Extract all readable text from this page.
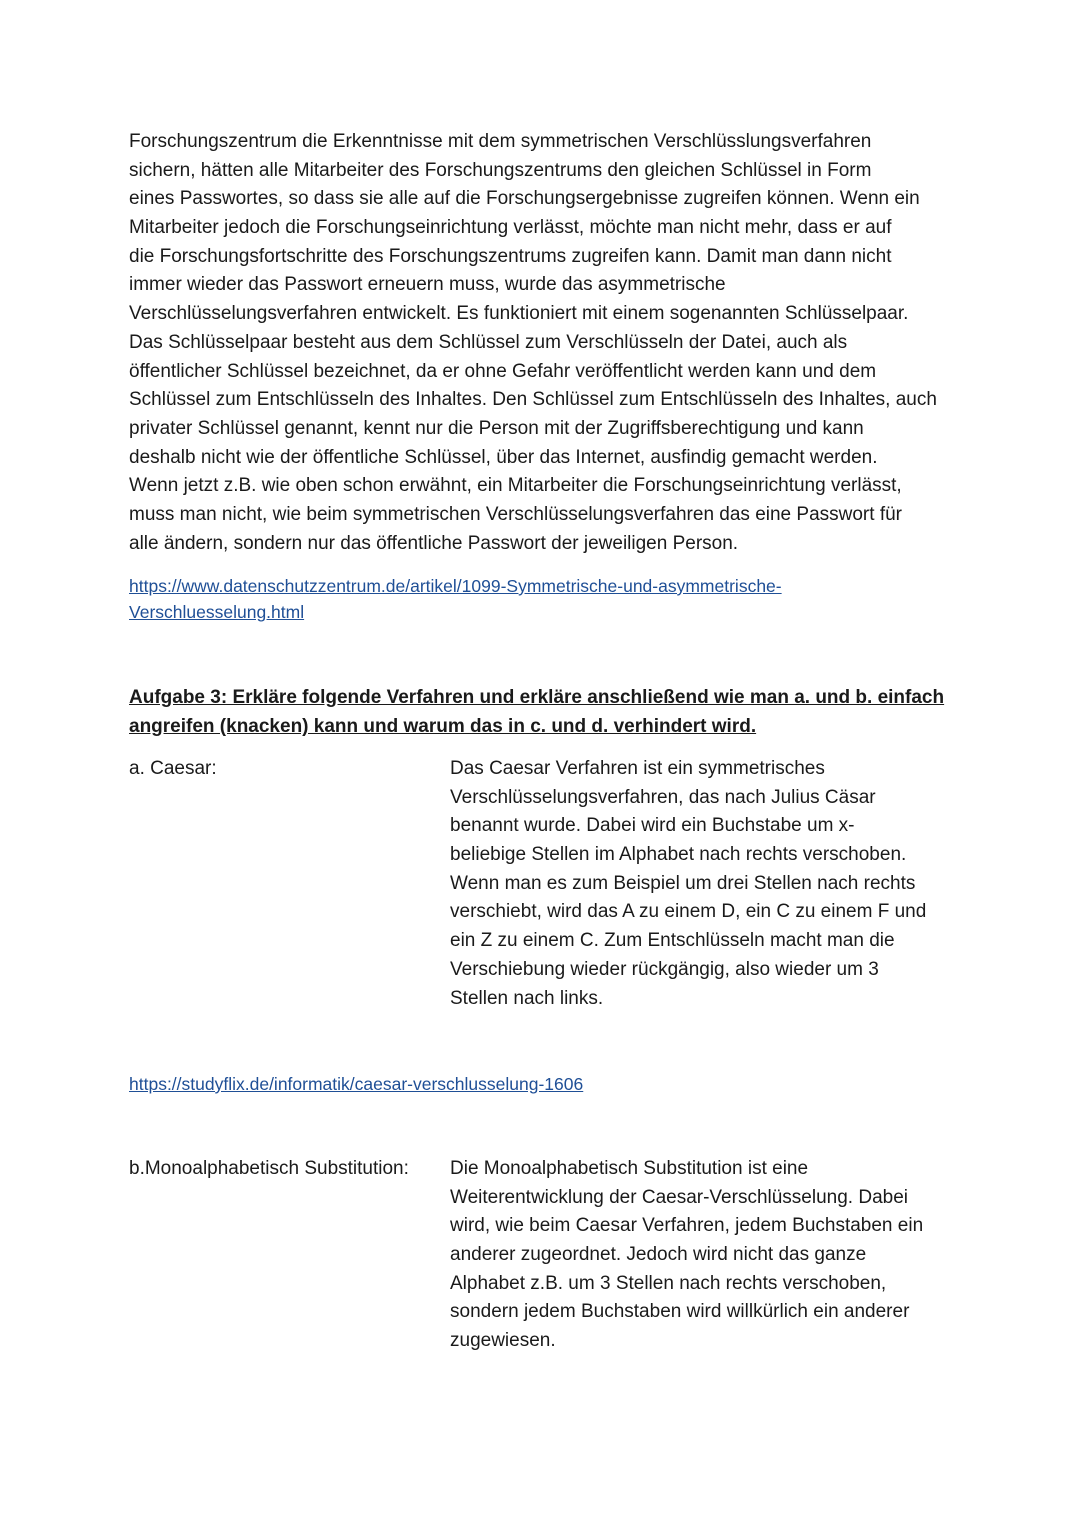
Forschungszentrum die Erkenntnisse mit dem symmetrischen Verschlüsslungsverfahren
sichern, hätten alle Mitarbeiter des Forschungszentrums den gleichen Schlüssel in Form
eines Passwortes, so dass sie alle auf die Forschungsergebnisse zugreifen können. Wenn ein
Mitarbeiter jedoch die Forschungseinrichtung verlässt, möchte man nicht mehr, dass er auf
die Forschungsfortschritte des Forschungszentrums zugreifen kann. Damit man dann nicht
immer wieder das Passwort erneuern muss, wurde das asymmetrische
Verschlüsselungsverfahren entwickelt. Es funktioniert mit einem sogenannten Schlüsselpaar.
Das Schlüsselpaar besteht aus dem Schlüssel zum Verschlüsseln der Datei, auch als
öffentlicher Schlüssel bezeichnet, da er ohne Gefahr veröffentlicht werden kann und dem
Schlüssel zum Entschlüsseln des Inhaltes. Den Schlüssel zum Entschlüsseln des Inhaltes, auch
privater Schlüssel genannt, kennt nur die Person mit der Zugriffsberechtigung und kann
deshalb nicht wie der öffentliche Schlüssel, über das Internet, ausfindig gemacht werden.
Wenn jetzt z.B. wie oben schon erwähnt, ein Mitarbeiter die Forschungseinrichtung verlässt,
muss man nicht, wie beim symmetrischen Verschlüsselungsverfahren das eine Passwort für
alle ändern, sondern nur das öffentliche Passwort der jeweiligen Person.
https://www.datenschutzzentrum.de/artikel/1099-Symmetrische-und-asymmetrische-
Verschluesselung.html
Aufgabe 3: Erkläre folgende Verfahren und erkläre anschließend wie man a. und b. einfach
angreifen (knacken) kann und warum das in c. und d. verhindert wird.
a. Caesar:	Das Caesar Verfahren ist ein symmetrisches
Verschlüsselungsverfahren, das nach Julius Cäsar
benannt wurde. Dabei wird ein Buchstabe um x-
beliebige Stellen im Alphabet nach rechts verschoben.
Wenn man es zum Beispiel um drei Stellen nach rechts
verschiebt, wird das A zu einem D, ein C zu einem F und
ein Z zu einem C. Zum Entschlüsseln macht man die
Verschiebung wieder rückgängig, also wieder um 3
Stellen nach links.
https://studyflix.de/informatik/caesar-verschlusselung-1606
b.Monoalphabetisch Substitution: Die Monoalphabetisch Substitution ist eine
Weiterentwicklung der Caesar-Verschlüsselung. Dabei
wird, wie beim Caesar Verfahren, jedem Buchstaben ein
anderer zugeordnet. Jedoch wird nicht das ganze
Alphabet z.B. um 3 Stellen nach rechts verschoben,
sondern jedem Buchstaben wird willkürlich ein anderer
zugewiesen.
